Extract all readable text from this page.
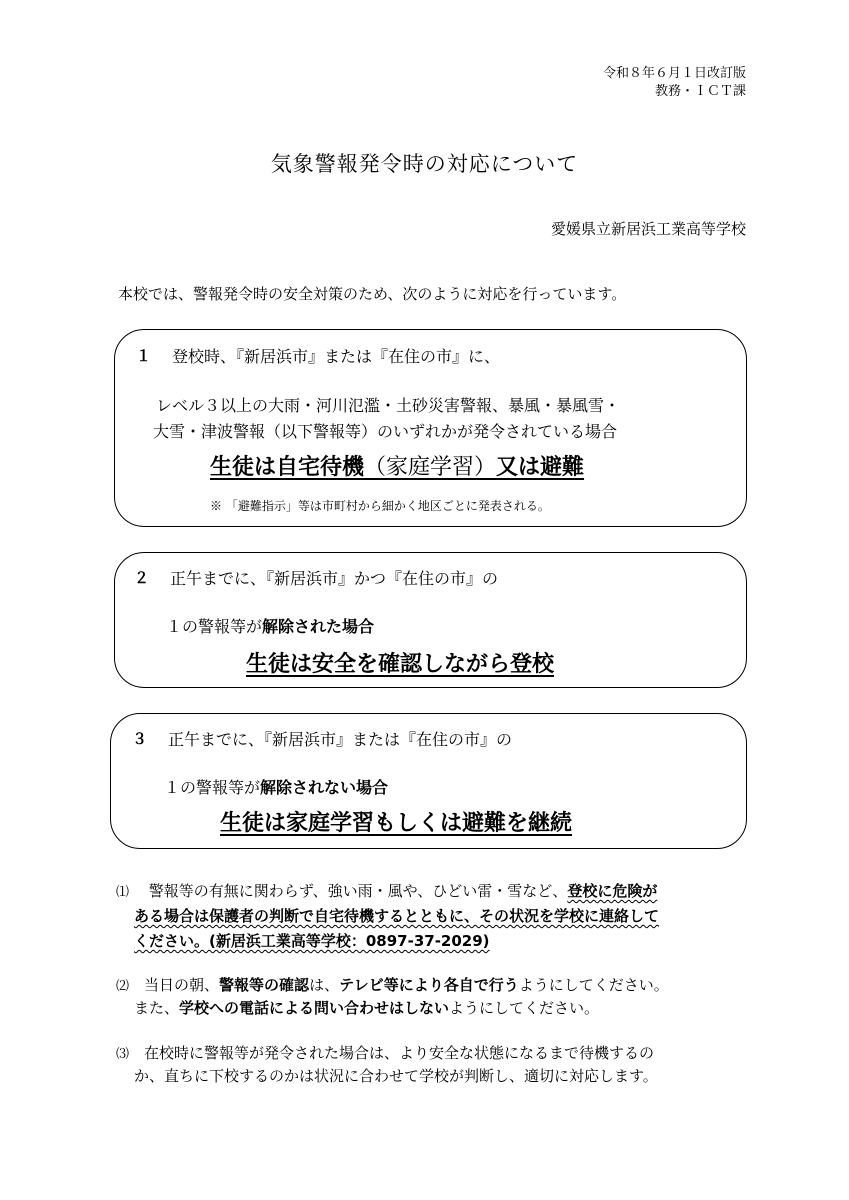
令和８年６月１日改訂版
教務・ＩＣＴ課
気象警報発令時の対応について
愛媛県立新居浜工業高等学校
本校では、警報発令時の安全対策のため、次のように対応を行っています。
１ 登校時、『新居浜市』または『在住の市』に、
レベル３以上の大雨・河川氾濫・土砂災害警報、暴風・暴風雪・
大雪・津波警報（以下警報等）のいずれかが発令されている場合
生徒は自宅待機（家庭学習）又は避難
※ 「避難指示」等は市町村から細かく地区ごとに発表される。
２ 正午までに、『新居浜市』かつ『在住の市』の
１の警報等が解除された場合
生徒は安全を確認しながら登校
３ 正午までに、『新居浜市』または『在住の市』の
１の警報等が解除されない場合
生徒は家庭学習もしくは避難を継続
⑴　 警報等の有無に関わらず、強い雨・風や、ひどい雷・雪など、登校に危険が
ある場合は保護者の判断で自宅待機するとともに、その状況を学校に連絡して
ください。(新居浜工業高等学校：0897-37-2029)
⑵　 当日の朝、警報等の確認は、テレビ等により各自で行うようにしてください。
また、学校への電話による問い合わせはしないようにしてください。
⑶　 在校時に警報等が発令された場合は、より安全な状態になるまで待機するの
か、直ちに下校するのかは状況に合わせて学校が判断し、適切に対応します。
